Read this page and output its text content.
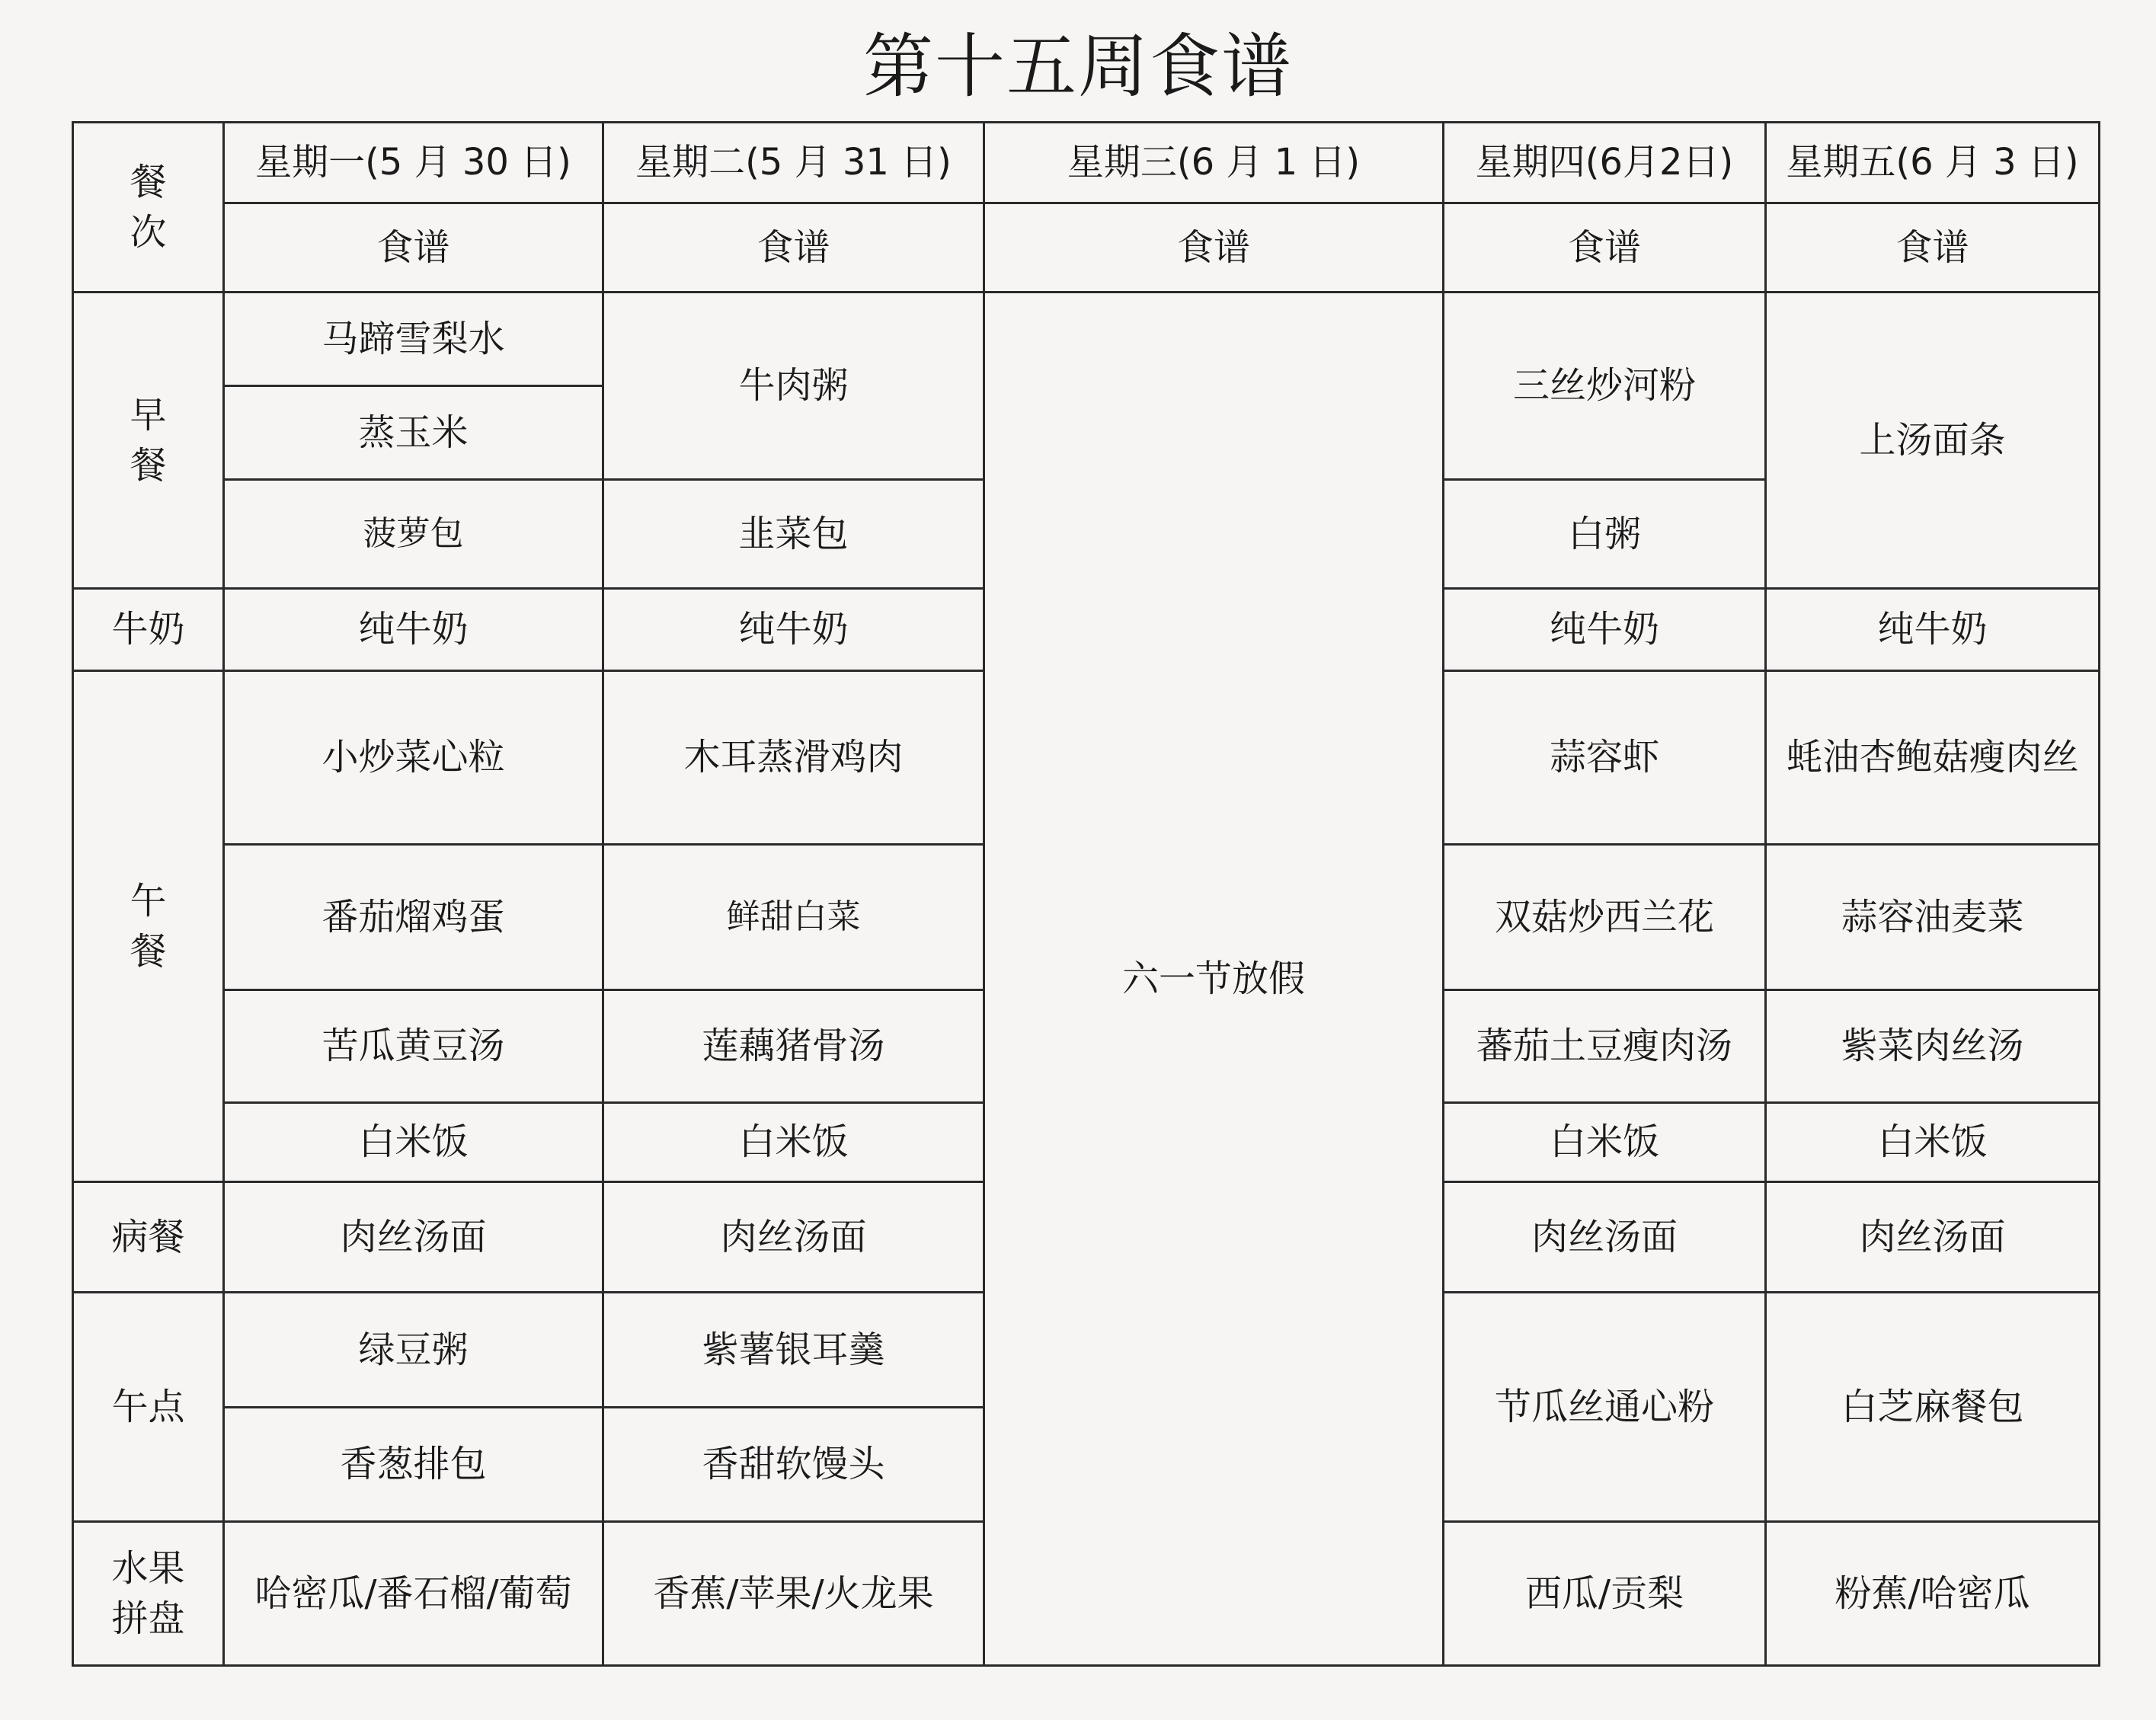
第十五周食谱
餐
次	星期一(5 月 30 日)	星期二(5 月 31 日)	星期三(6 月 1 日)	星期四(6月2日)	星期五(6 月 3 日)
	食谱	食谱	食谱	食谱	食谱
早
餐	马蹄雪梨水	牛肉粥	六一节放假	三丝炒河粉	上汤面条
	蒸玉米				
	菠萝包	韭菜包		白粥	
牛奶	纯牛奶	纯牛奶		纯牛奶	纯牛奶
午
餐	小炒菜心粒	木耳蒸滑鸡肉		蒜容虾	蚝油杏鲍菇瘦肉丝
	番茄熘鸡蛋	鲜甜白菜		双菇炒西兰花	蒜容油麦菜
	苦瓜黄豆汤	莲藕猪骨汤		蕃茄土豆瘦肉汤	紫菜肉丝汤
	白米饭	白米饭		白米饭	白米饭
病餐	肉丝汤面	肉丝汤面		肉丝汤面	肉丝汤面
午点	绿豆粥	紫薯银耳羹		节瓜丝通心粉	白芝麻餐包
	香葱排包	香甜软馒头			
水果
拼盘	哈密瓜/番石榴/葡萄	香蕉/苹果/火龙果		西瓜/贡梨	粉蕉/哈密瓜
